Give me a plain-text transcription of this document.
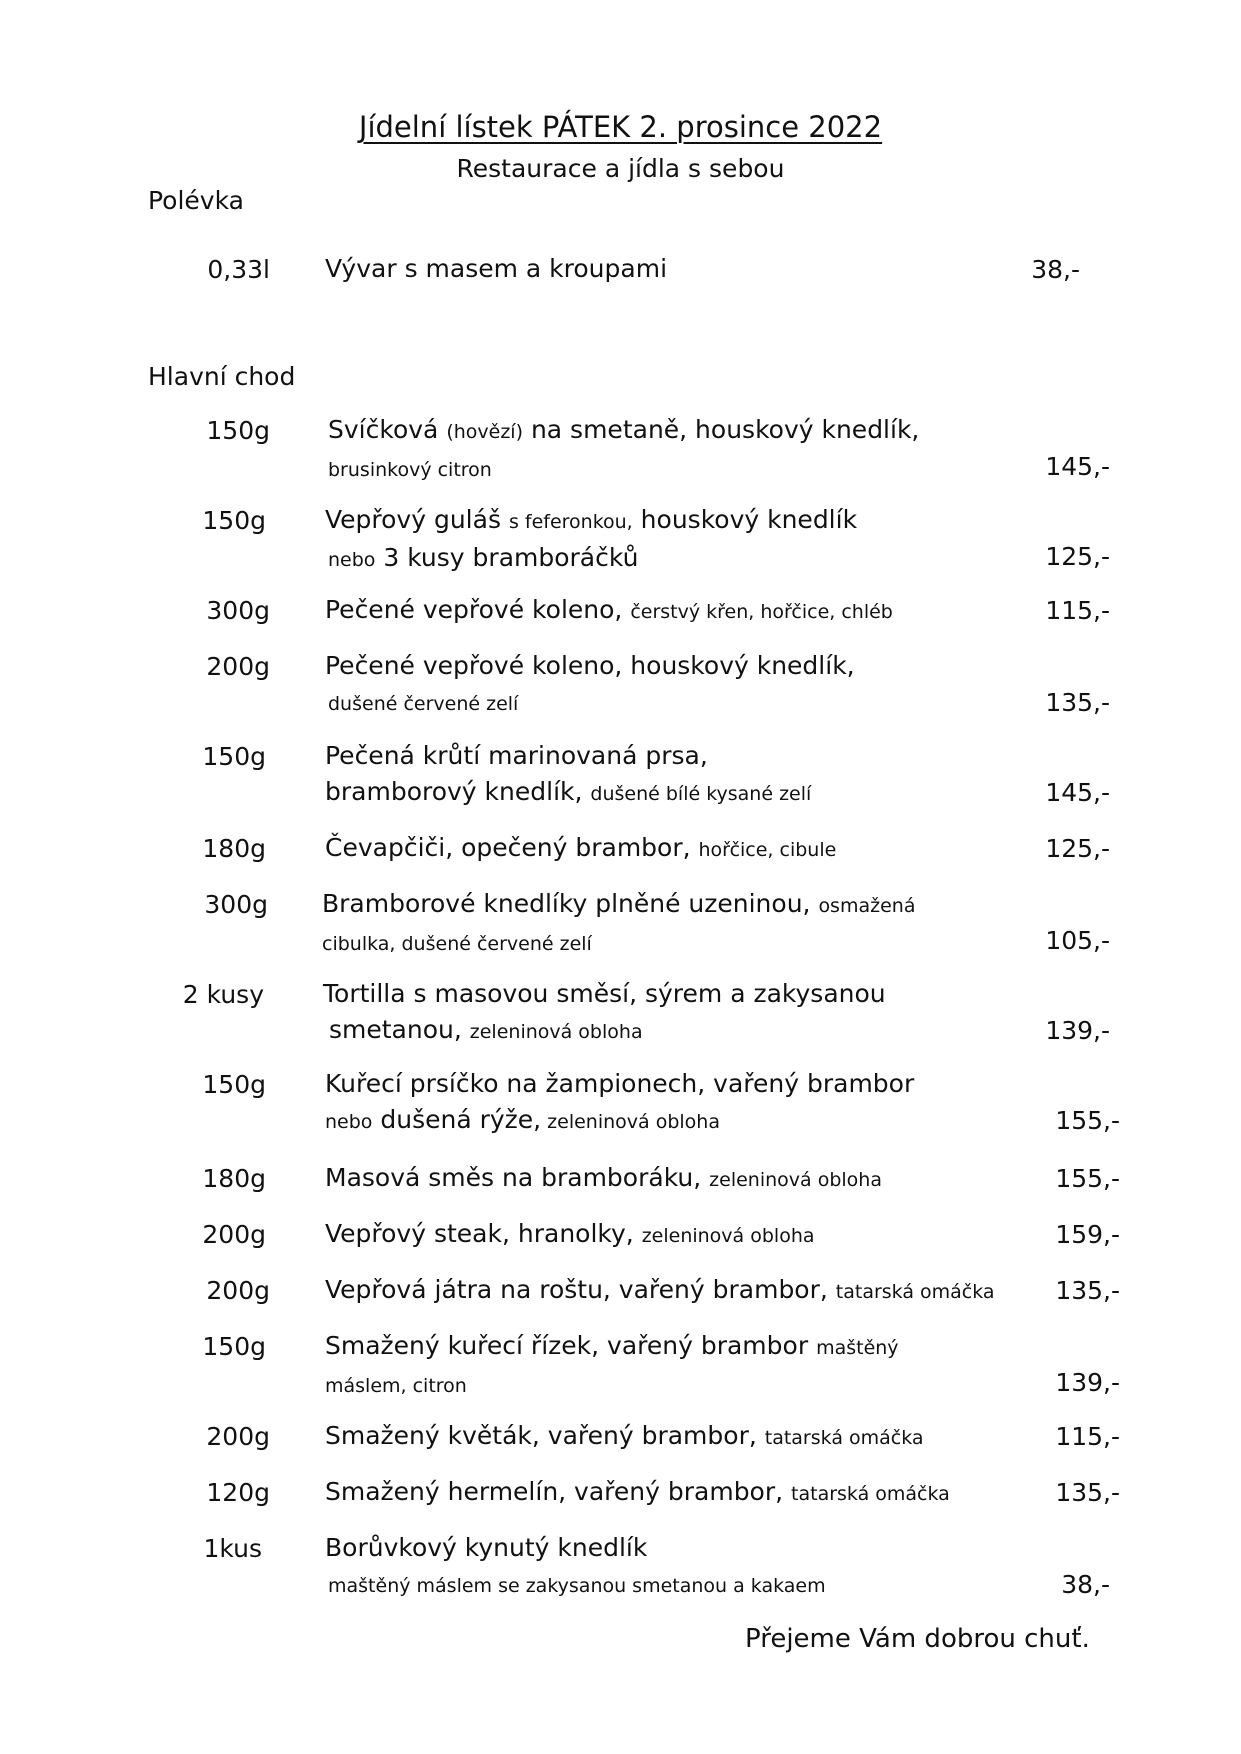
Jídelní lístek PÁTEK 2. prosince 2022
Restaurace a jídla s sebou
Polévka
0,33l Vývar s masem a kroupami	38,-
Hlavní chod
150g Svíčková (hovězí) na smetaně, houskový knedlík,
brusinkový citron	145,-
150g Vepřový guláš s feferonkou, houskový knedlík
nebo 3 kusy bramboráčků	125,-
300g Pečené vepřové koleno, čerstvý křen, hořčice, chléb	115,-
200g Pečené vepřové koleno, houskový knedlík,
dušené červené zelí	135,-
150g Pečená krůtí marinovaná prsa,
bramborový knedlík, dušené bílé kysané zelí	145,-
180g Čevapčiči, opečený brambor, hořčice, cibule	125,-
300g Bramborové knedlíky plněné uzeninou, osmažená
cibulka, dušené červené zelí	105,-
2 kusy Tortilla s masovou směsí, sýrem a zakysanou
smetanou, zeleninová obloha	139,-
150g Kuřecí prsíčko na žampionech, vařený brambor
nebo dušená rýže, zeleninová obloha	155,-
180g Masová směs na bramboráku, zeleninová obloha	155,-
200g Vepřový steak, hranolky, zeleninová obloha	159,-
200g Vepřová játra na roštu, vařený brambor, tatarská omáčka	135,-
150g Smažený kuřecí řízek, vařený brambor maštěný
máslem, citron	139,-
200g Smažený květák, vařený brambor, tatarská omáčka	115,-
120g Smažený hermelín, vařený brambor, tatarská omáčka	135,-
1kus	Borůvkový kynutý knedlík
maštěný máslem se zakysanou smetanou a kakaem	38,-
Přejeme Vám dobrou chuť.
